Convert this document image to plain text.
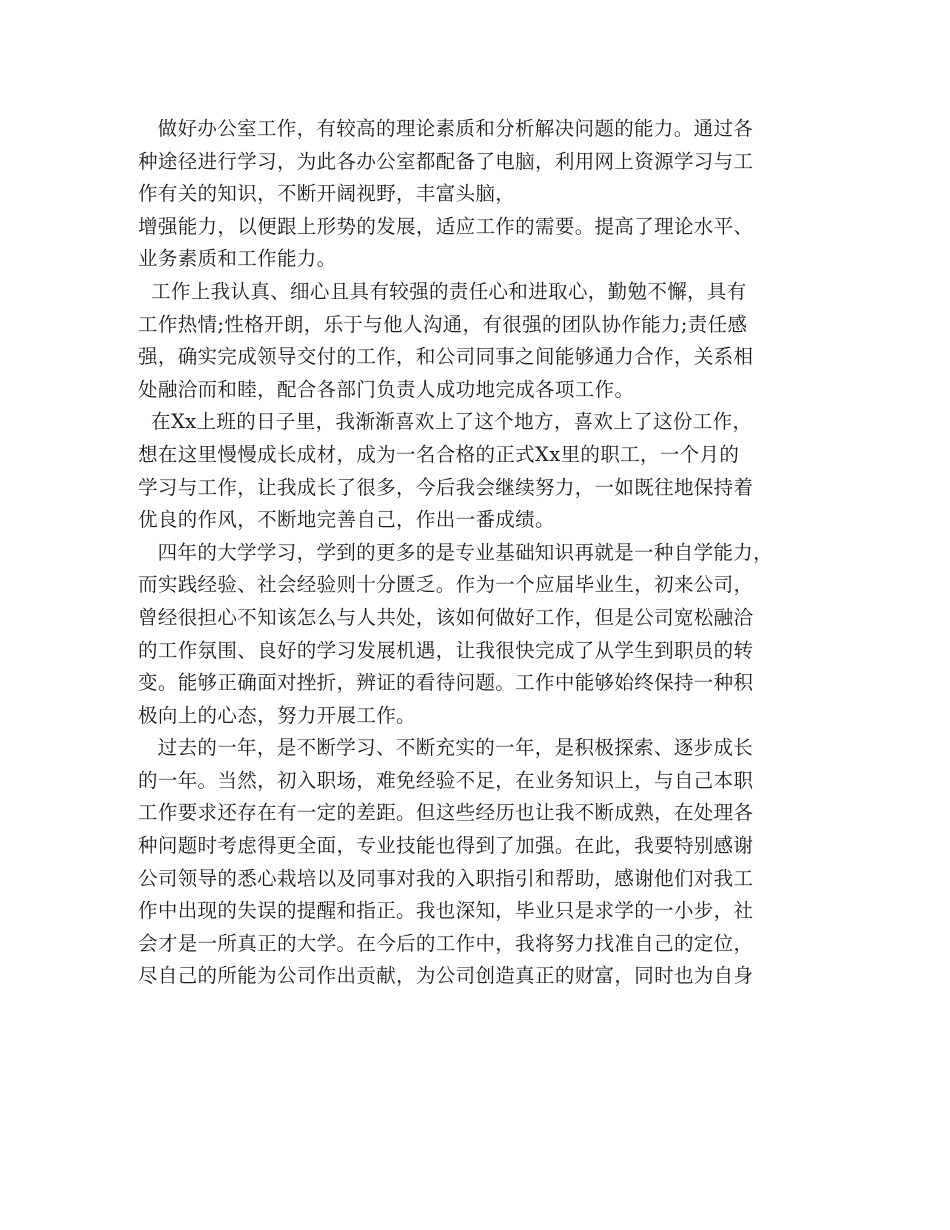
做好办公室工作，有较高的理论素质和分析解决问题的能力。通过各
种途径进行学习，为此各办公室都配备了电脑，利用网上资源学习与工
作有关的知识，不断开阔视野，丰富头脑，
增强能力，以便跟上形势的发展，适应工作的需要。提高了理论水平、
业务素质和工作能力。
工作上我认真、细心且具有较强的责任心和进取心，勤勉不懈，具有
工作热情;性格开朗，乐于与他人沟通，有很强的团队协作能力;责任感
强，确实完成领导交付的工作，和公司同事之间能够通力合作，关系相
处融洽而和睦，配合各部门负责人成功地完成各项工作。
在Xx上班的日子里，我渐渐喜欢上了这个地方，喜欢上了这份工作，
想在这里慢慢成长成材，成为一名合格的正式Xx里的职工，一个月的
学习与工作，让我成长了很多，今后我会继续努力，一如既往地保持着
优良的作风，不断地完善自己，作出一番成绩。
四年的大学学习，学到的更多的是专业基础知识再就是一种自学能力，
而实践经验、社会经验则十分匮乏。作为一个应届毕业生，初来公司，
曾经很担心不知该怎么与人共处，该如何做好工作，但是公司宽松融洽
的工作氛围、良好的学习发展机遇，让我很快完成了从学生到职员的转
变。能够正确面对挫折，辨证的看待问题。工作中能够始终保持一种积
极向上的心态，努力开展工作。
过去的一年，是不断学习、不断充实的一年，是积极探索、逐步成长
的一年。当然，初入职场，难免经验不足，在业务知识上，与自己本职
工作要求还存在有一定的差距。但这些经历也让我不断成熟，在处理各
种问题时考虑得更全面，专业技能也得到了加强。在此，我要特别感谢
公司领导的悉心栽培以及同事对我的入职指引和帮助，感谢他们对我工
作中出现的失误的提醒和指正。我也深知，毕业只是求学的一小步，社
会才是一所真正的大学。在今后的工作中，我将努力找准自己的定位，
尽自己的所能为公司作出贡献，为公司创造真正的财富，同时也为自身
